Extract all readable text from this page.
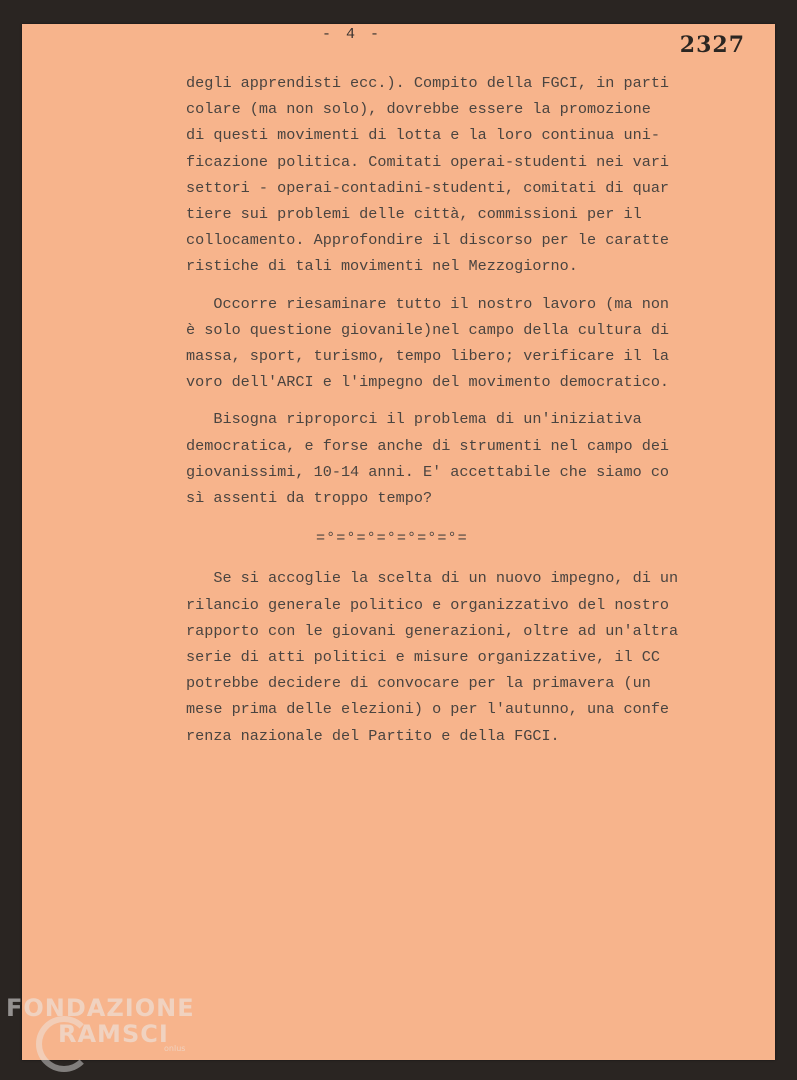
- 4 -	2327
degli apprendisti ecc.). Compito della FGCI, in parti
colare (ma non solo), dovrebbe essere la promozione
di questi movimenti di lotta e la loro continua uni-
ficazione politica. Comitati operai-studenti nei vari
settori - operai-contadini-studenti, comitati di quar
tiere sui problemi delle città, commissioni per il
collocamento. Approfondire il discorso per le caratte
ristiche di tali movimenti nel Mezzogiorno.
Occorre riesaminare tutto il nostro lavoro (ma non
è solo questione giovanile)nel campo della cultura di
massa, sport, turismo, tempo libero; verificare il la
voro dell'ARCI e l'impegno del movimento democratico.
Bisogna riproporci il problema di un'iniziativa
democratica, e forse anche di strumenti nel campo dei
giovanissimi, 10-14 anni. E' accettabile che siamo co
sì assenti da troppo tempo?
=°=°=°=°=°=°=°=
Se si accoglie la scelta di un nuovo impegno, di un
rilancio generale politico e organizzativo del nostro
rapporto con le giovani generazioni, oltre ad un'altra
serie di atti politici e misure organizzative, il CC
potrebbe decidere di convocare per la primavera (un
mese prima delle elezioni) o per l'autunno, una confe
renza nazionale del Partito e della FGCI.
FONDAZIONE
RAMSCI
onlus
